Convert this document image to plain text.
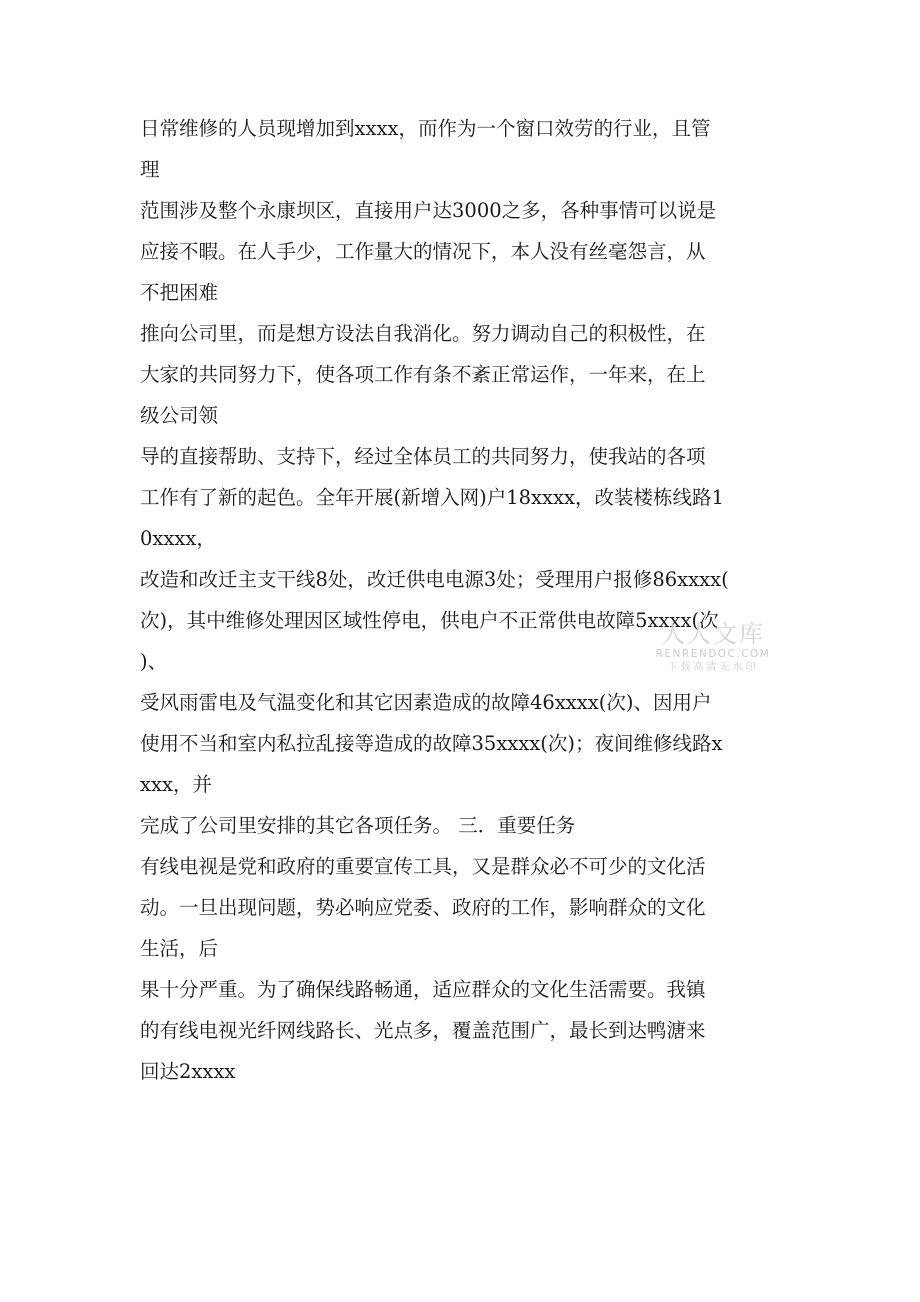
日常维修的人员现增加到xxxx，而作为一个窗口效劳的行业，且管
理
范围涉及整个永康坝区，直接用户达3000之多，各种事情可以说是
应接不暇。在人手少，工作量大的情况下，本人没有丝毫怨言，从
不把困难
推向公司里，而是想方设法自我消化。努力调动自己的积极性，在
大家的共同努力下，使各项工作有条不紊正常运作，一年来，在上
级公司领
导的直接帮助、支持下，经过全体员工的共同努力，使我站的各项
工作有了新的起色。全年开展(新增入网)户18xxxx，改装楼栋线路1
0xxxx，
改造和改迁主支干线8处，改迁供电电源3处；受理用户报修86xxxx(
次)，其中维修处理因区域性停电，供电户不正常供电故障5xxxx(次
)、
受风雨雷电及气温变化和其它因素造成的故障46xxxx(次)、因用户
使用不当和室内私拉乱接等造成的故障35xxxx(次)；夜间维修线路x
xxx，并
完成了公司里安排的其它各项任务。 三．重要任务
有线电视是党和政府的重要宣传工具，又是群众必不可少的文化活
动。一旦出现问题，势必响应党委、政府的工作，影响群众的文化
生活，后
果十分严重。为了确保线路畅通，适应群众的文化生活需要。我镇
的有线电视光纤网线路长、光点多，覆盖范围广，最长到达鸭溏来
回达2xxxx
人人文库
RENRENDOC.COM
下载高清无水印
